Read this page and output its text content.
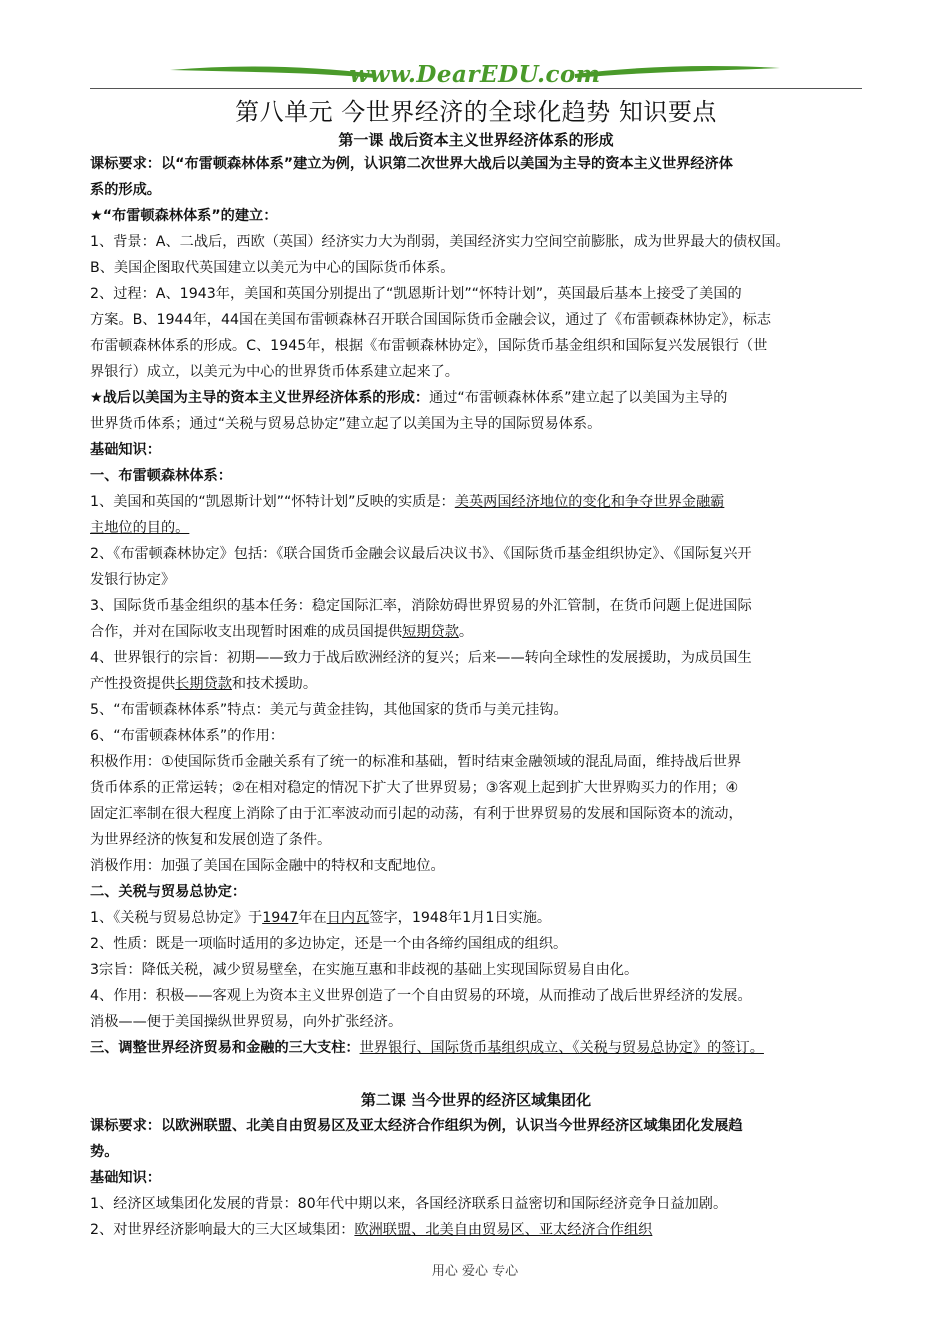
www.DearEDU.com
第八单元 今世界经济的全球化趋势 知识要点
第一课 战后资本主义世界经济体系的形成
课标要求：以“布雷顿森林体系”建立为例，认识第二次世界大战后以美国为主导的资本主义世界经济体
系的形成。
★“布雷顿森林体系”的建立：
1、背景：A、二战后，西欧（英国）经济实力大为削弱，美国经济实力空间空前膨胀，成为世界最大的债权国。
B、美国企图取代英国建立以美元为中心的国际货币体系。
2、过程：A、1943年，美国和英国分别提出了“凯恩斯计划”“怀特计划”，英国最后基本上接受了美国的
方案。B、1944年，44国在美国布雷顿森林召开联合国国际货币金融会议，通过了《布雷顿森林协定》，标志
布雷顿森林体系的形成。C、1945年，根据《布雷顿森林协定》，国际货币基金组织和国际复兴发展银行（世
界银行）成立，以美元为中心的世界货币体系建立起来了。
★战后以美国为主导的资本主义世界经济体系的形成：通过“布雷顿森林体系”建立起了以美国为主导的
世界货币体系；通过“关税与贸易总协定”建立起了以美国为主导的国际贸易体系。
基础知识：
一、布雷顿森林体系：
1、美国和英国的“凯恩斯计划”“怀特计划”反映的实质是：美英两国经济地位的变化和争夺世界金融霸
主地位的目的。
2、《布雷顿森林协定》包括：《联合国货币金融会议最后决议书》、《国际货币基金组织协定》、《国际复兴开
发银行协定》
3、国际货币基金组织的基本任务：稳定国际汇率，消除妨碍世界贸易的外汇管制，在货币问题上促进国际
合作，并对在国际收支出现暂时困难的成员国提供短期贷款。
4、世界银行的宗旨：初期——致力于战后欧洲经济的复兴；后来——转向全球性的发展援助，为成员国生
产性投资提供长期贷款和技术援助。
5、“布雷顿森林体系”特点：美元与黄金挂钩，其他国家的货币与美元挂钩。
6、“布雷顿森林体系”的作用：
积极作用：①使国际货币金融关系有了统一的标准和基础，暂时结束金融领域的混乱局面，维持战后世界
货币体系的正常运转；②在相对稳定的情况下扩大了世界贸易；③客观上起到扩大世界购买力的作用；④
固定汇率制在很大程度上消除了由于汇率波动而引起的动荡，有利于世界贸易的发展和国际资本的流动，
为世界经济的恢复和发展创造了条件。
消极作用：加强了美国在国际金融中的特权和支配地位。
二、关税与贸易总协定：
1、《关税与贸易总协定》于1947年在日内瓦签字，1948年1月1日实施。
2、性质：既是一项临时适用的多边协定，还是一个由各缔约国组成的组织。
3宗旨：降低关税，减少贸易壁垒，在实施互惠和非歧视的基础上实现国际贸易自由化。
4、作用：积极——客观上为资本主义世界创造了一个自由贸易的环境，从而推动了战后世界经济的发展。
消极——便于美国操纵世界贸易，向外扩张经济。
三、调整世界经济贸易和金融的三大支柱：世界银行、国际货币基组织成立、《关税与贸易总协定》的签订。
第二课 当今世界的经济区域集团化
课标要求：以欧洲联盟、北美自由贸易区及亚太经济合作组织为例，认识当今世界经济区域集团化发展趋
势。
基础知识：
1、经济区域集团化发展的背景：80年代中期以来，各国经济联系日益密切和国际经济竞争日益加剧。
2、对世界经济影响最大的三大区域集团：欧洲联盟、北美自由贸易区、亚太经济合作组织
用心 爱心 专心
